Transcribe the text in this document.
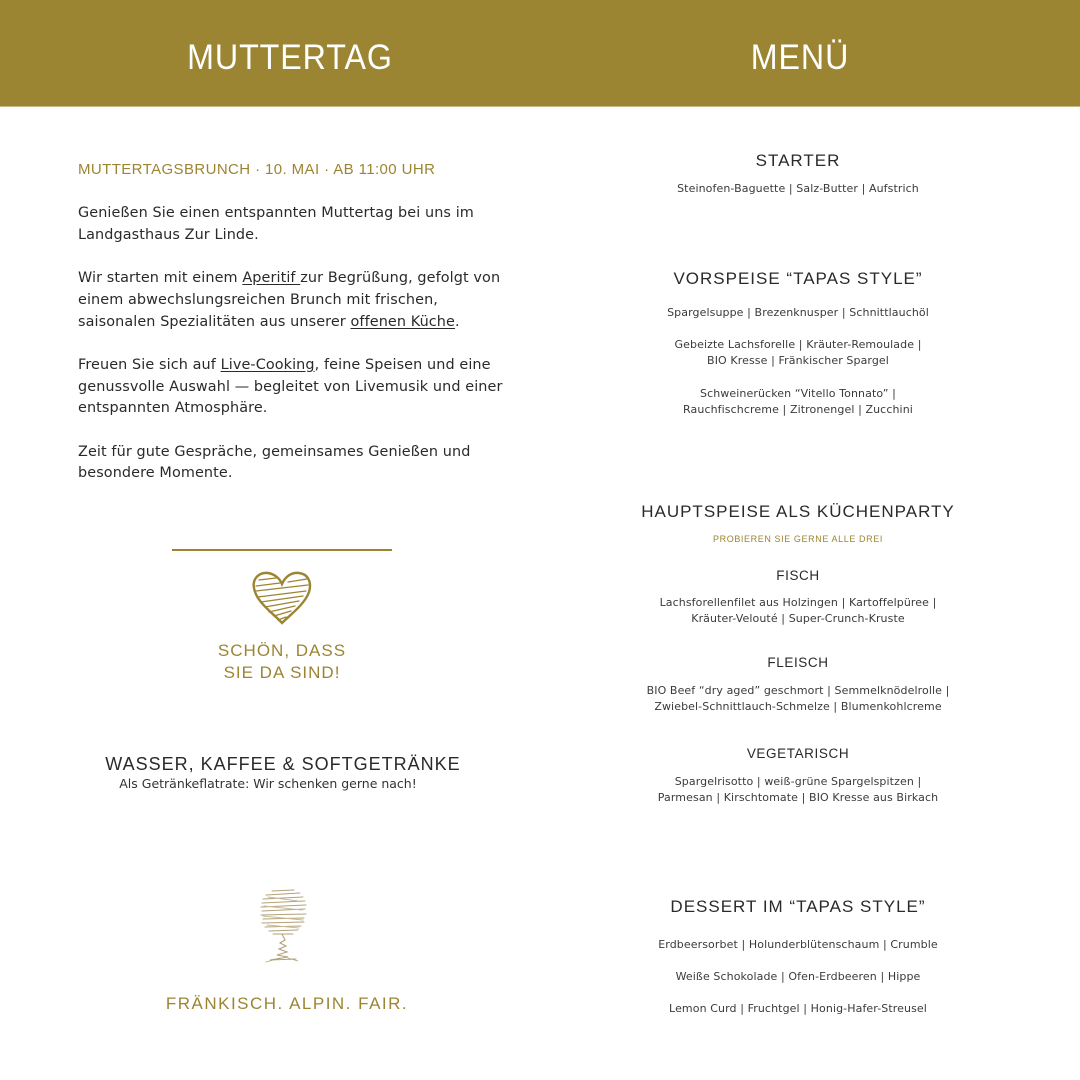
MUTTERTAG	MENÜ
MUTTERTAGSBRUNCH · 10. MAI · AB 11:00 UHR

Genießen Sie einen entspannten Muttertag bei uns im Landgasthaus Zur Linde.

Wir starten mit einem Aperitif zur Begrüßung, gefolgt von einem abwechslungsreichen Brunch mit frischen, saisonalen Spezialitäten aus unserer offenen Küche.

Freuen Sie sich auf Live-Cooking, feine Speisen und eine genussvolle Auswahl — begleitet von Livemusik und einer entspannten Atmosphäre.

Zeit für gute Gespräche, gemeinsames Genießen und besondere Momente.

SCHÖN, DASS
SIE DA SIND!
WASSER, KAFFEE & SOFTGETRÄNKE
Als Getränkeflatrate: Wir schenken gerne nach!
FRÄNKISCH. ALPIN. FAIR.
STARTER
Steinofen-Baguette | Salz-Butter | Aufstrich
VORSPEISE “TAPAS STYLE”
Spargelsuppe | Brezenknusper | Schnittlauchöl
Gebeizte Lachsforelle | Kräuter-Remoulade |
BIO Kresse | Fränkischer Spargel
Schweinerücken “Vitello Tonnato” |
Rauchfischcreme | Zitronengel | Zucchini
HAUPTSPEISE ALS KÜCHENPARTY
PROBIEREN SIE GERNE ALLE DREI
FISCH
Lachsforellenfilet aus Holzingen | Kartoffelpüree |
Kräuter-Velouté | Super-Crunch-Kruste
FLEISCH
BIO Beef “dry aged” geschmort | Semmelknödelrolle |
Zwiebel-Schnittlauch-Schmelze | Blumenkohlcreme
VEGETARISCH
Spargelrisotto | weiß-grüne Spargelspitzen |
Parmesan | Kirschtomate | BIO Kresse aus Birkach
DESSERT IM “TAPAS STYLE”
Erdbeersorbet | Holunderblütenschaum | Crumble
Weiße Schokolade | Ofen-Erdbeeren | Hippe
Lemon Curd | Fruchtgel | Honig-Hafer-Streusel
